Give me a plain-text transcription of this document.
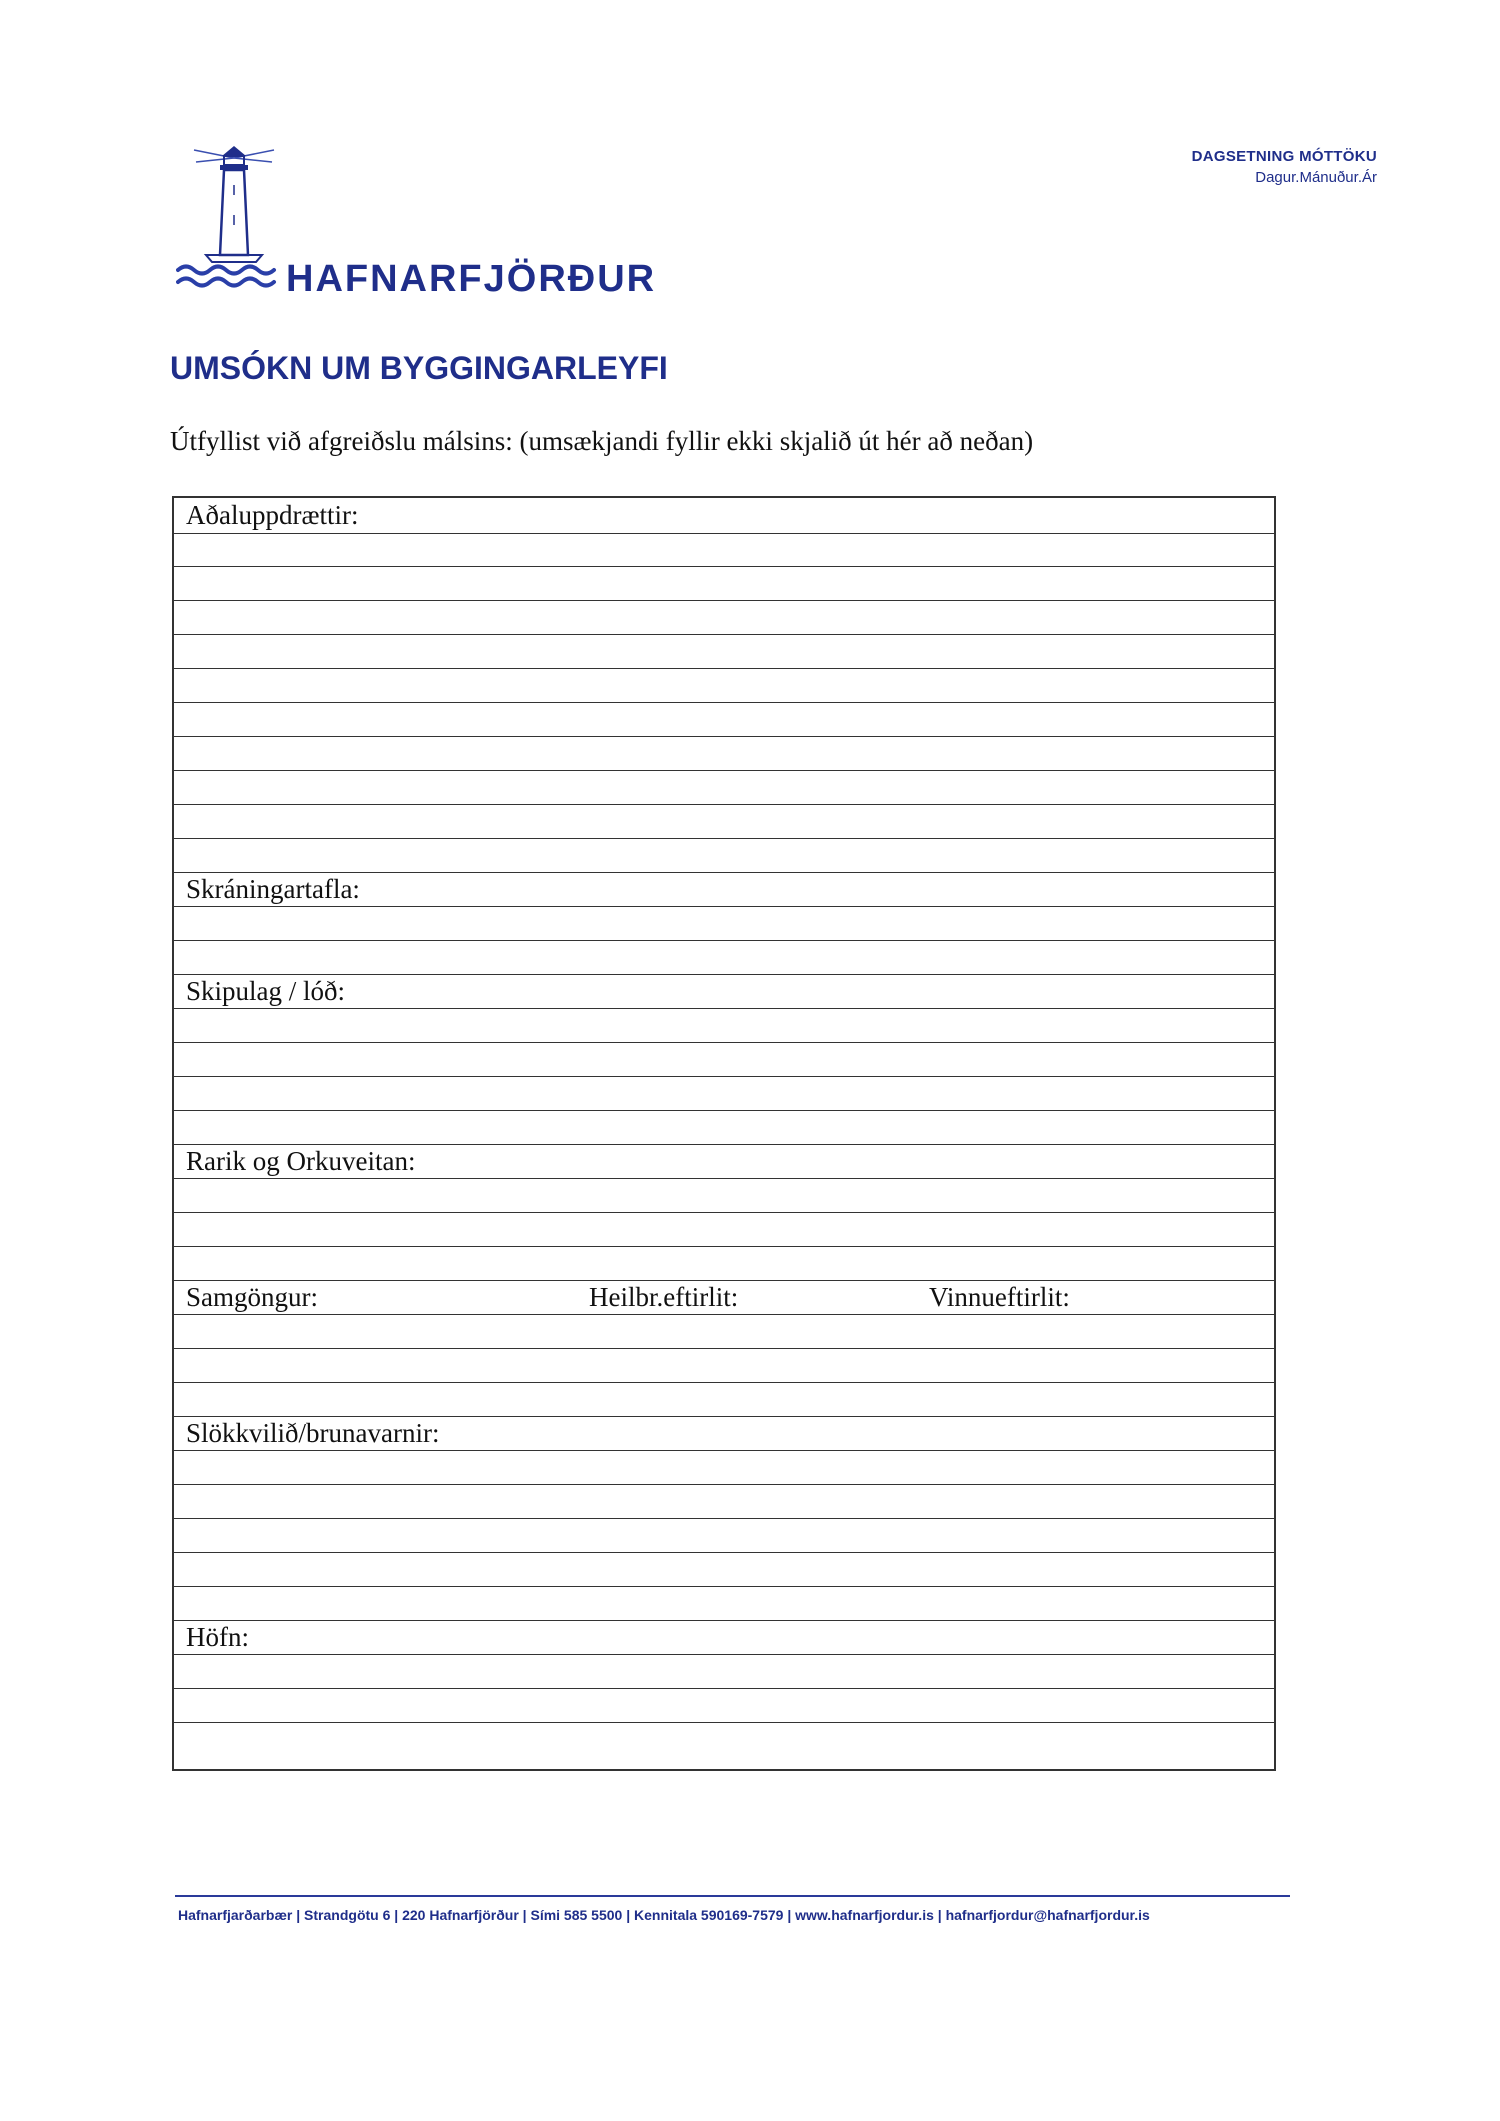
HAFNARFJÖRÐUR
DAGSETNING MÓTTÖKU
Dagur.Mánuður.Ár
UMSÓKN UM BYGGINGARLEYFI
Útfyllist við afgreiðslu málsins: (umsækjandi fyllir ekki skjalið út hér að neðan)
Aðaluppdrættir:
Skráningartafla:
Skipulag / lóð:
Rarik og Orkuveitan:
Samgöngur:	Heilbr.eftirlit:	Vinnueftirlit:
Slökkvilið/brunavarnir:
Höfn:
Hafnarfjarðarbær | Strandgötu 6 | 220 Hafnarfjörður | Sími 585 5500 | Kennitala 590169-7579 | www.hafnarfjordur.is | hafnarfjordur@hafnarfjordur.is
